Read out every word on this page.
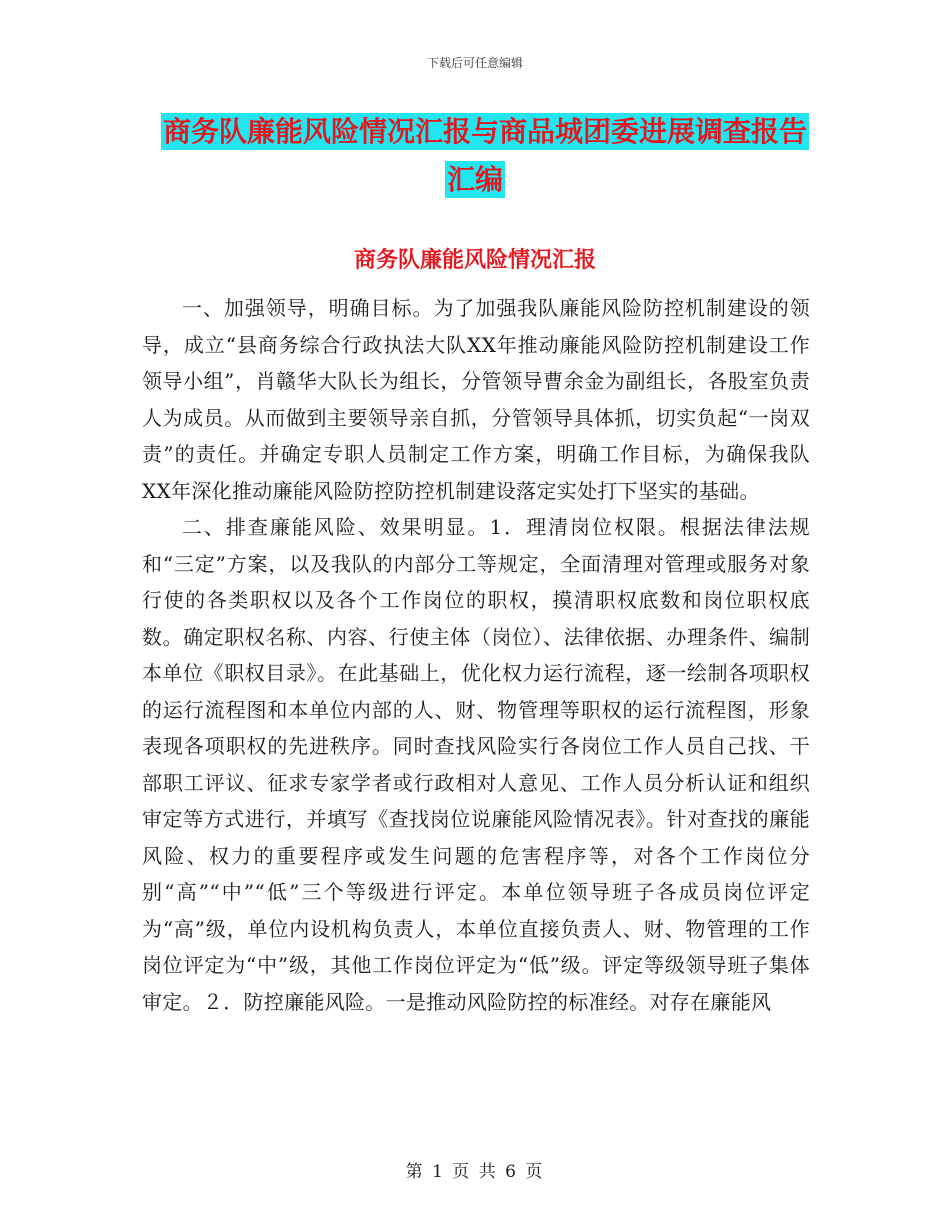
下载后可任意编辑
商务队廉能风险情况汇报与商品城团委进展调查报告
汇编
商务队廉能风险情况汇报

一、加强领导，明确目标。为了加强我队廉能风险防控机制建设的领导，成立“县商务综合行政执法大队XX年推动廉能风险防控机制建设工作领导小组”，肖赣华大队长为组长，分管领导曹余金为副组长，各股室负责人为成员。从而做到主要领导亲自抓，分管领导具体抓，切实负起“一岗双责”的责任。并确定专职人员制定工作方案，明确工作目标，为确保我队XX年深化推动廉能风险防控防控机制建设落定实处打下坚实的基础。

二、排查廉能风险、效果明显。1．理清岗位权限。根据法律法规和“三定”方案，以及我队的内部分工等规定，全面清理对管理或服务对象行使的各类职权以及各个工作岗位的职权，摸清职权底数和岗位职权底数。确定职权名称、内容、行使主体（岗位）、法律依据、办理条件、编制本单位《职权目录》。在此基础上，优化权力运行流程，逐一绘制各项职权的运行流程图和本单位内部的人、财、物管理等职权的运行流程图，形象表现各项职权的先进秩序。同时查找风险实行各岗位工作人员自己找、干部职工评议、征求专家学者或行政相对人意见、工作人员分析认证和组织审定等方式进行，并填写《查找岗位说廉能风险情况表》。针对查找的廉能风险、权力的重要程序或发生问题的危害程序等，对各个工作岗位分别“高”“中”“低”三个等级进行评定。本单位领导班子各成员岗位评定为“高”级，单位内设机构负责人，本单位直接负责人、财、物管理的工作岗位评定为“中”级，其他工作岗位评定为“低”级。评定等级领导班子集体审定。２．防控廉能风险。一是推动风险防控的标准经。对存在廉能风

第 1 页 共 6 页
